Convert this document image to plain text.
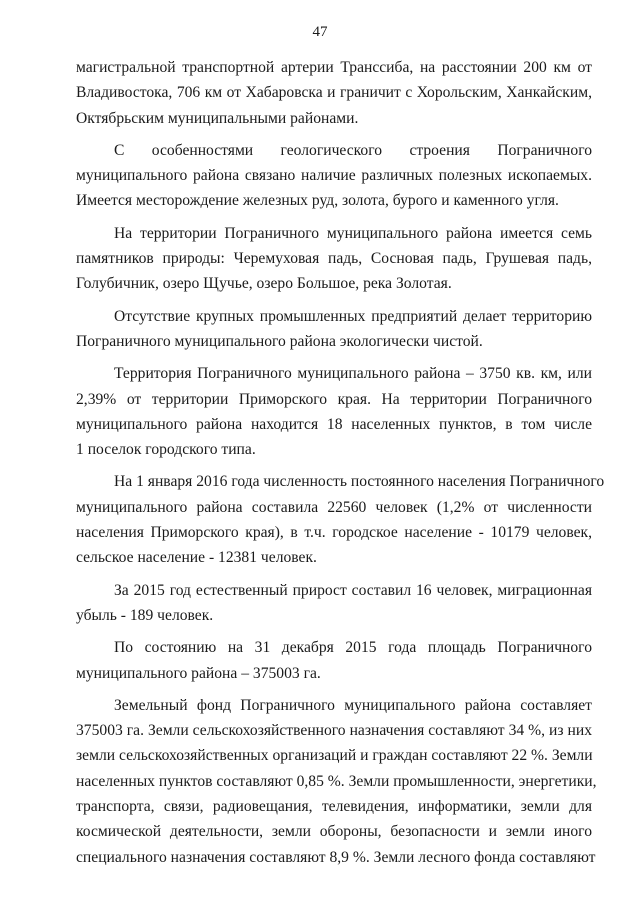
47
магистральной транспортной артерии Транссиба, на расстоянии 200 км от
Владивостока, 706 км от Хабаровска и граничит с Хорольским, Ханкайским,
Октябрьским муниципальными районами.
С особенностями геологического строения Пограничного
муниципального района связано наличие различных полезных ископаемых.
Имеется месторождение железных руд, золота, бурого и каменного угля.
На территории Пограничного муниципального района имеется семь
памятников природы: Черемуховая падь, Сосновая падь, Грушевая падь,
Голубичник, озеро Щучье, озеро Большое, река Золотая.
Отсутствие крупных промышленных предприятий делает территорию
Пограничного муниципального района экологически чистой.
Территория Пограничного муниципального района – 3750 кв. км, или
2,39% от территории Приморского края. На территории Пограничного
муниципального района находится 18 населенных пунктов, в том числе
1 поселок городского типа.
На 1 января 2016 года численность постоянного населения Пограничного
муниципального района составила 22560 человек (1,2% от численности
населения Приморского края), в т.ч. городское население - 10179 человек,
сельское население - 12381 человек.
За 2015 год естественный прирост составил 16 человек, миграционная
убыль - 189 человек.
По состоянию на 31 декабря 2015 года площадь Пограничного
муниципального района – 375003 га.
Земельный фонд Пограничного муниципального района составляет
375003 га. Земли сельскохозяйственного назначения составляют 34 %, из них
земли сельскохозяйственных организаций и граждан составляют 22 %. Земли
населенных пунктов составляют 0,85 %. Земли промышленности, энергетики,
транспорта, связи, радиовещания, телевидения, информатики, земли для
космической деятельности, земли обороны, безопасности и земли иного
специального назначения составляют 8,9 %. Земли лесного фонда составляют
